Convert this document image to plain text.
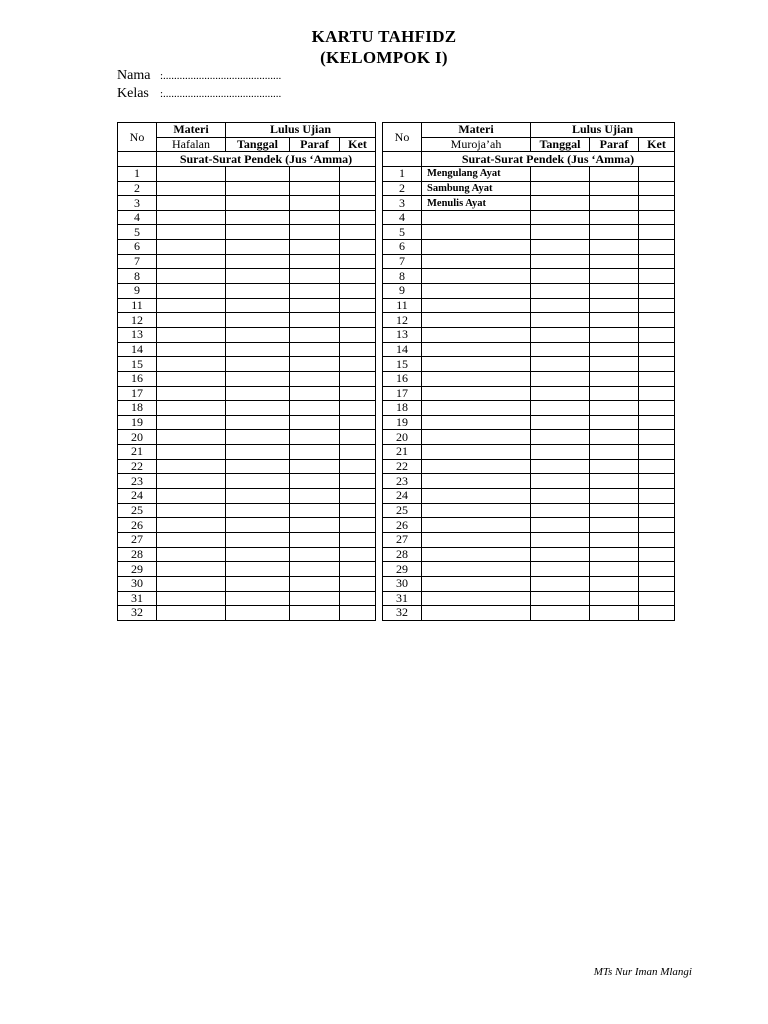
KARTU TAHFIDZ
(KELOMPOK I)
Nama :...........................................
Kelas :...........................................
No	Materi	Lulus Ujian		
	Hafalan	Tanggal	Paraf	Ket
	Surat-Surat Pendek (Jus ‘Amma)			
1				
2				
3				
4				
5				
6				
7				
8				
9				
11				
12				
13				
14				
15				
16				
17				
18				
19				
20				
21				
22				
23				
24				
25				
26				
27				
28				
29				
30				
31				
32				
No	Materi	Lulus Ujian		
	Muroja’ah	Tanggal	Paraf	Ket
	Surat-Surat Pendek (Jus ‘Amma)			
1	Mengulang Ayat			
2	Sambung Ayat			
3	Menulis Ayat			
4				
5				
6				
7				
8				
9				
11				
12				
13				
14				
15				
16				
17				
18				
19				
20				
21				
22				
23				
24				
25				
26				
27				
28				
29				
30				
31				
32				
MTs Nur Iman Mlangi
